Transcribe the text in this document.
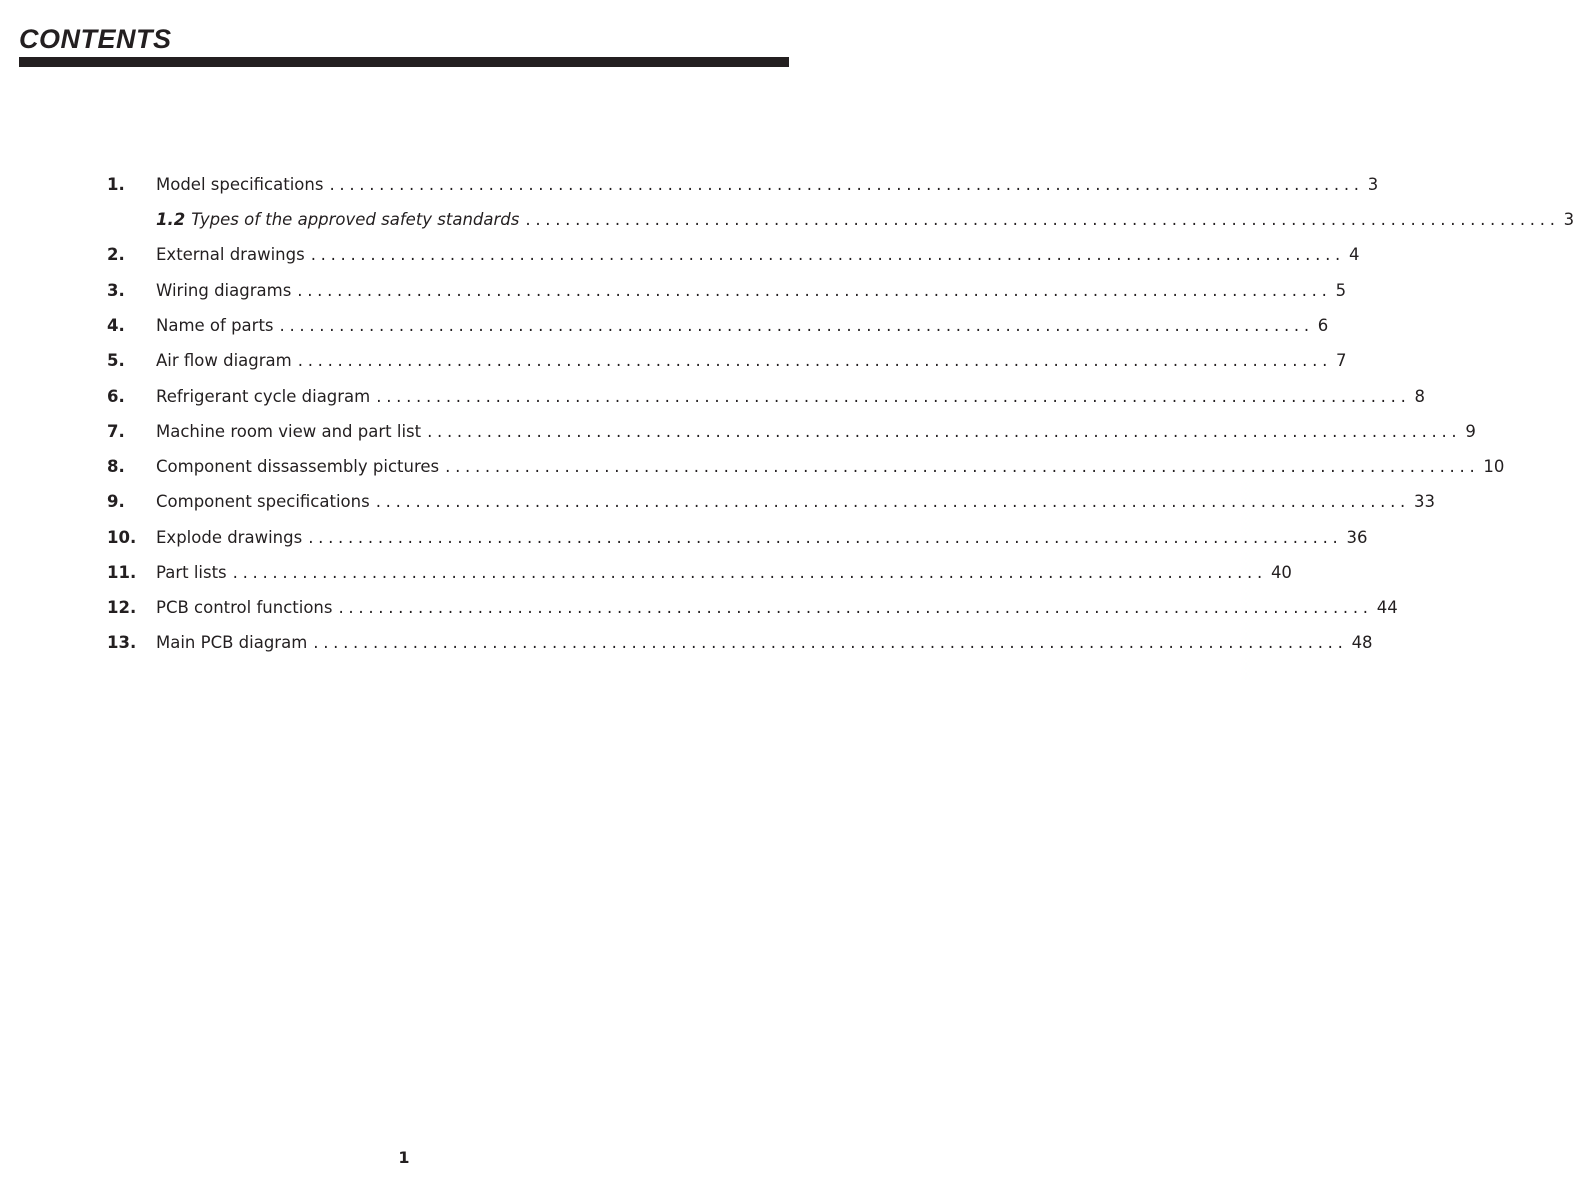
CONTENTS
1.	Model specifications ........................................................................................................ 3
1.2 Types of the approved safety standards ........................................................................................................ 3
2.	External drawings ........................................................................................................ 4
3.	Wiring diagrams ........................................................................................................ 5
4.	Name of parts ........................................................................................................ 6
5.	Air flow diagram ........................................................................................................ 7
6.	Refrigerant cycle diagram ........................................................................................................ 8
7.	Machine room view and part list ........................................................................................................ 9
8.	Component dissassembly pictures ........................................................................................................ 10
9.	Component specifications ........................................................................................................ 33
10.	Explode drawings ........................................................................................................ 36
11.	Part lists ........................................................................................................ 40
12.	PCB control functions ........................................................................................................ 44
13.	Main PCB diagram ........................................................................................................ 48
1
